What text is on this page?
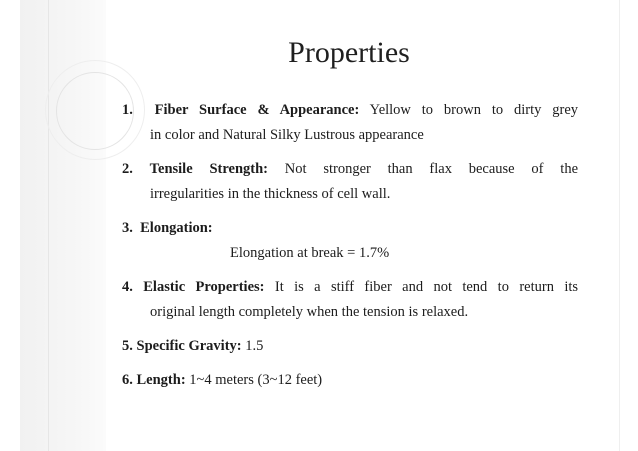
Properties
1. Fiber Surface & Appearance: Yellow to brown to dirty grey
in color and Natural Silky Lustrous appearance
2. Tensile Strength: Not stronger than flax because of the
irregularities in the thickness of cell wall.
3. Elongation:
Elongation at break = 1.7%
4. Elastic Properties: It is a stiff fiber and not tend to return its
original length completely when the tension is relaxed.
5. Specific Gravity: 1.5
6. Length: 1~4 meters (3~12 feet)
